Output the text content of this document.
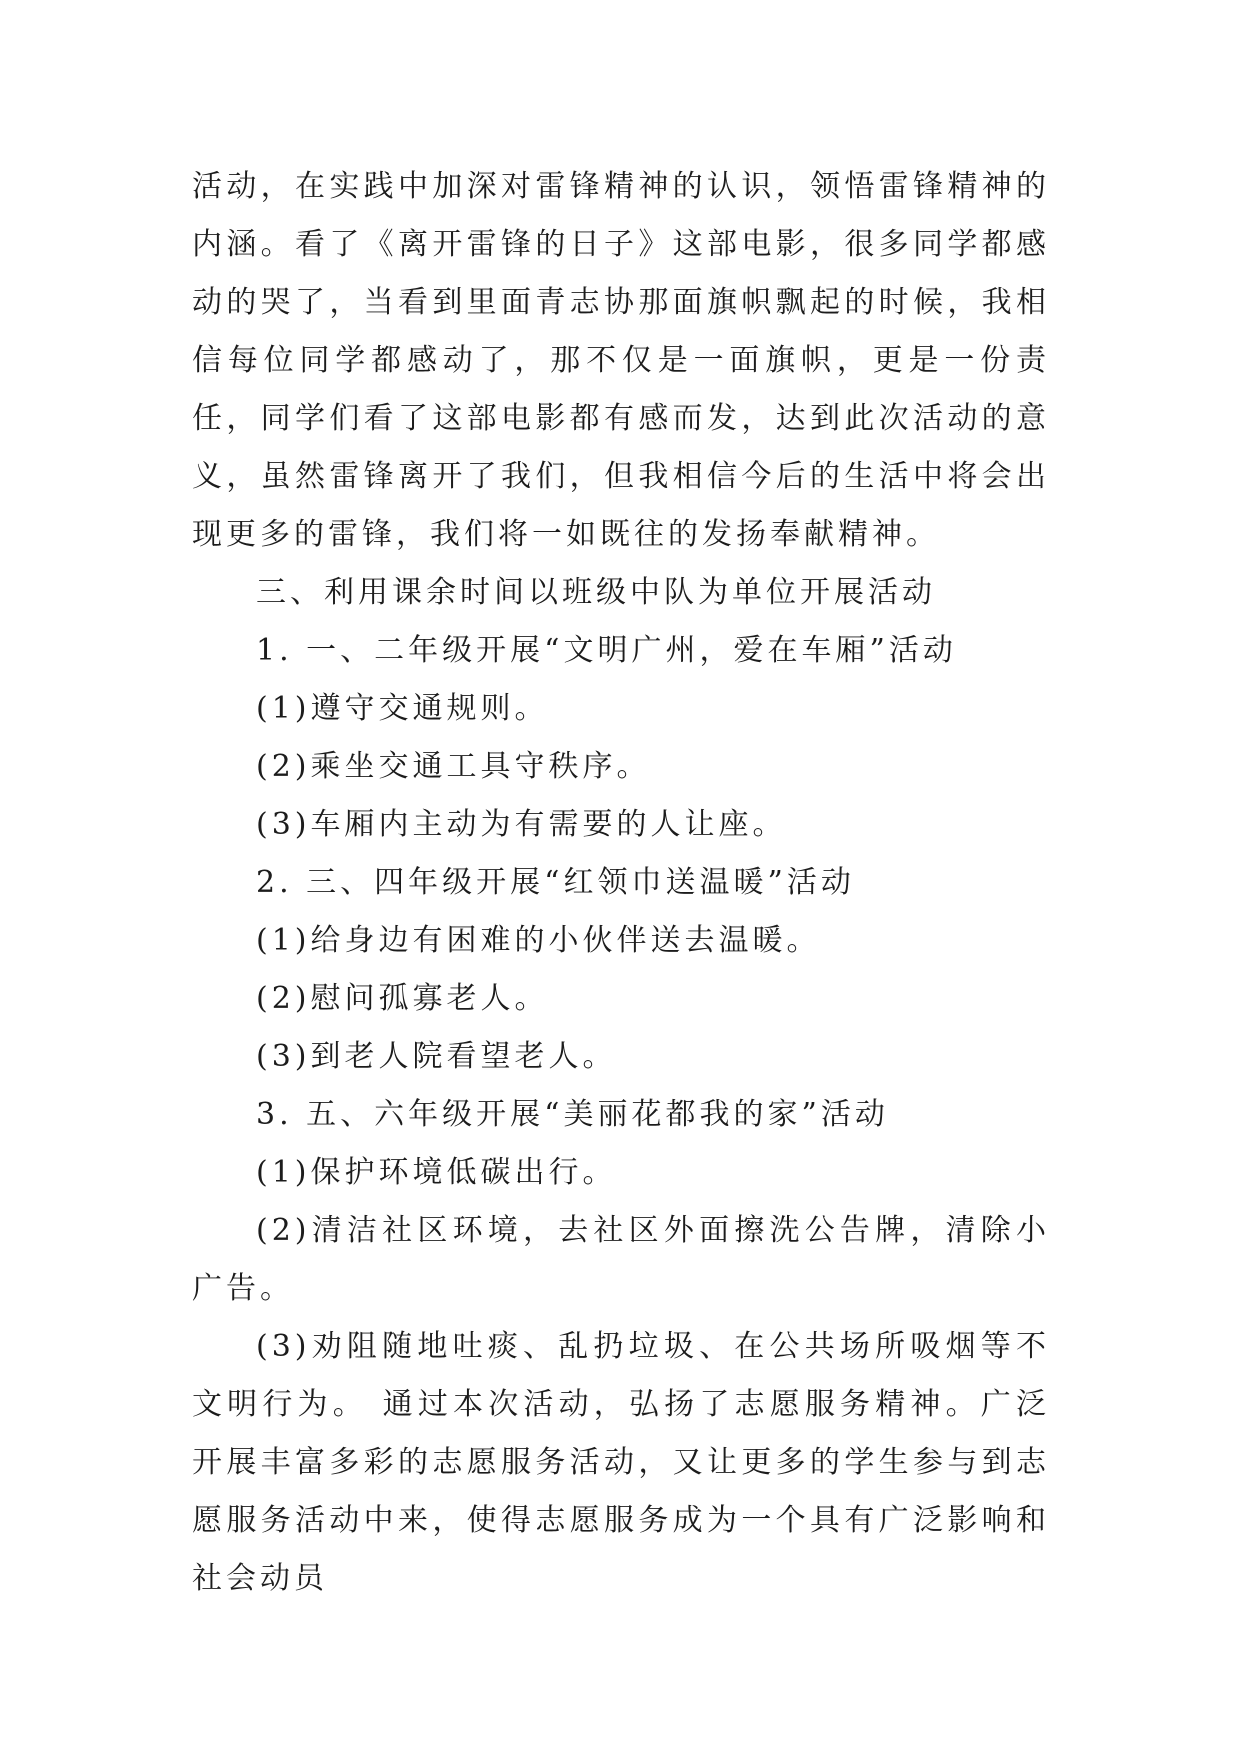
活动，在实践中加深对雷锋精神的认识，领悟雷锋精神的内涵。看了《离开雷锋的日子》这部电影，很多同学都感动的哭了，当看到里面青志协那面旗帜飘起的时候，我相信每位同学都感动了，那不仅是一面旗帜，更是一份责任，同学们看了这部电影都有感而发，达到此次活动的意义，虽然雷锋离开了我们，但我相信今后的生活中将会出现更多的雷锋，我们将一如既往的发扬奉献精神。

三、利用课余时间以班级中队为单位开展活动

1. 一、二年级开展“文明广州，爱在车厢”活动

(1)遵守交通规则。

(2)乘坐交通工具守秩序。

(3)车厢内主动为有需要的人让座。

2. 三、四年级开展“红领巾送温暖”活动

(1)给身边有困难的小伙伴送去温暖。

(2)慰问孤寡老人。

(3)到老人院看望老人。

3. 五、六年级开展“美丽花都我的家”活动

(1)保护环境低碳出行。

(2)清洁社区环境，去社区外面擦洗公告牌，清除小广告。

(3)劝阻随地吐痰、乱扔垃圾、在公共场所吸烟等不文明行为。 通过本次活动，弘扬了志愿服务精神。广泛开展丰富多彩的志愿服务活动，又让更多的学生参与到志愿服务活动中来，使得志愿服务成为一个具有广泛影响和社会动员
